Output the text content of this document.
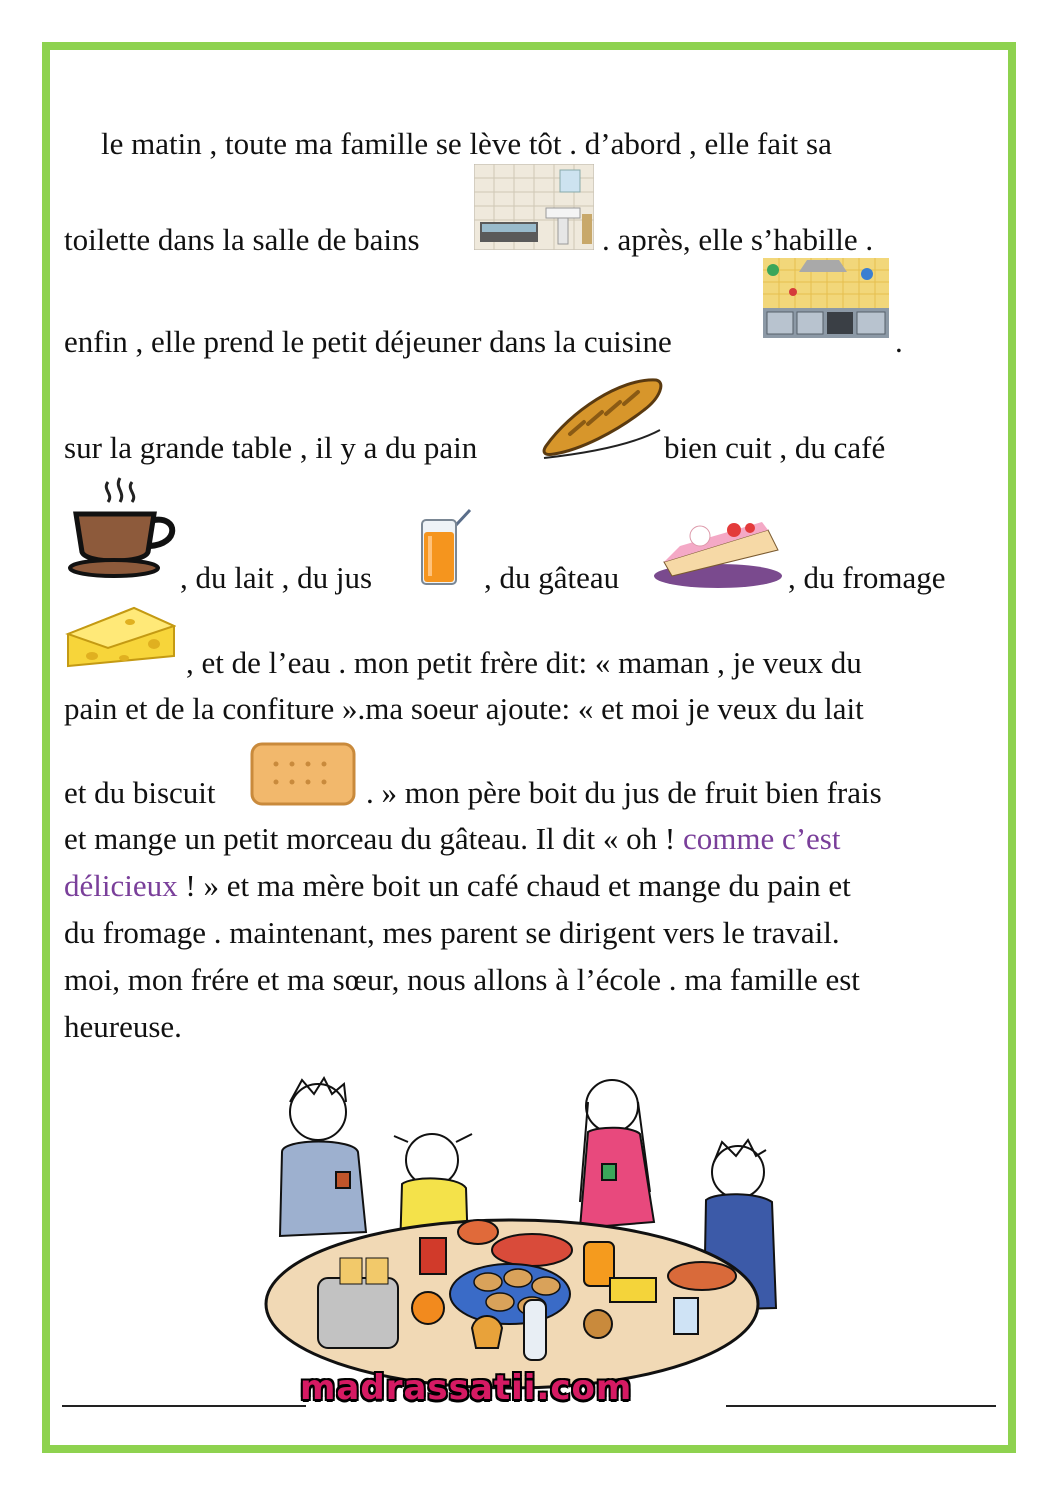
le matin , toute ma famille se lève tôt . d’abord , elle fait sa
toilette dans la salle de bains	. après, elle s’habille .
enfin , elle prend le petit déjeuner dans la cuisine	.
sur la grande table , il y a du pain	bien cuit , du café
, du lait , du jus	, du gâteau	, du fromage
, et de l’eau . mon petit frère dit: « maman , je veux du
pain et de la confiture ».ma soeur ajoute: « et moi je veux du lait
et du biscuit	. » mon père boit du jus de fruit bien frais
et mange un petit morceau du gâteau. Il dit « oh ! comme c’est
délicieux ! » et ma mère boit un café chaud et mange du pain et
du fromage . maintenant, mes parent se dirigent vers le travail.
moi, mon frére et ma sœur, nous allons à l’école . ma famille est
heureuse.
madrassatii.com
